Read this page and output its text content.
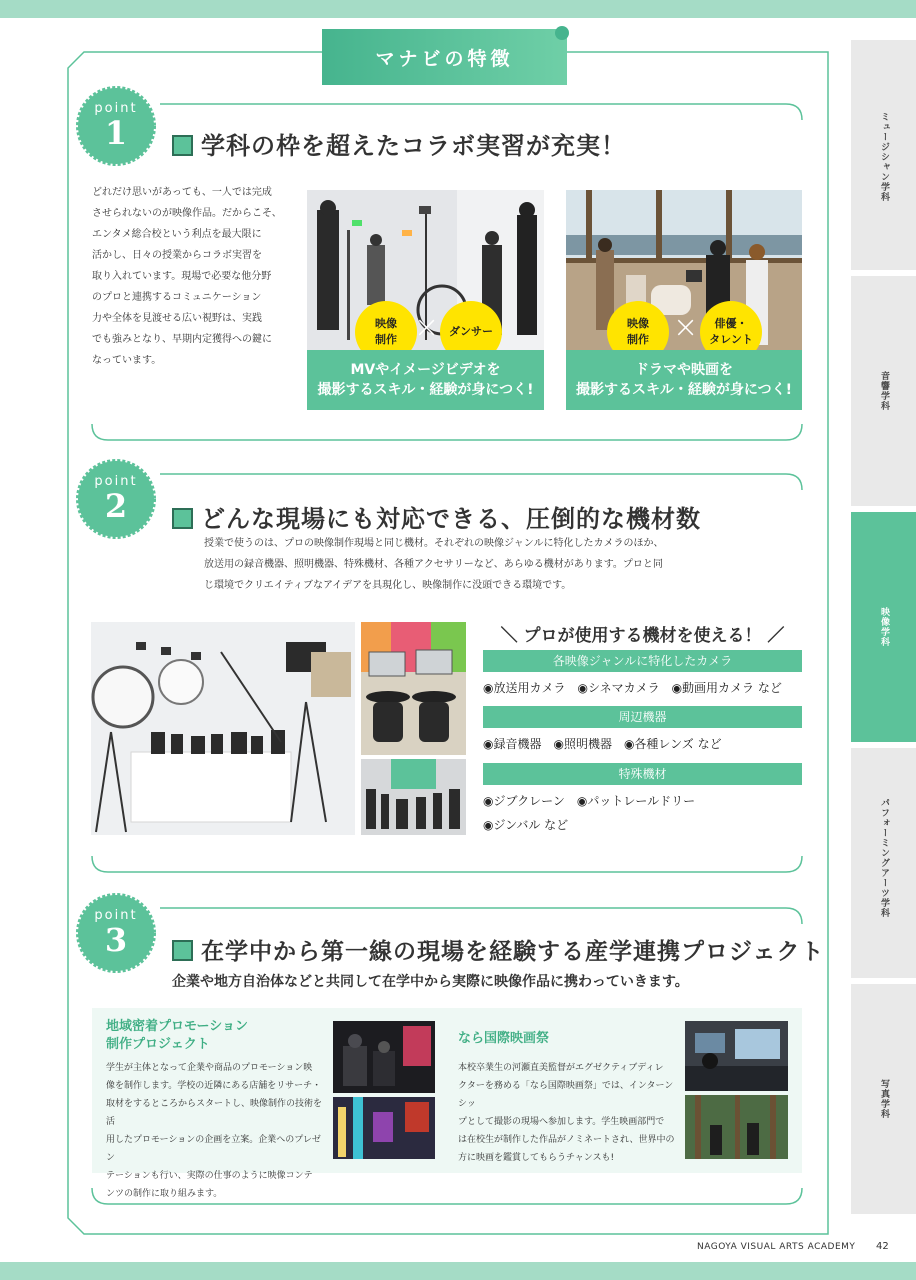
ミュージシャン学科
音響学科
映像学科
パフォーミングアーツ学科
写真学科
マナビの特徴
point
1	学科の枠を超えたコラボ実習が充実！
どれだけ思いがあっても、一人では完成
させられないのが映像作品。だからこそ、
エンタメ総合校という利点を最大限に
活かし、日々の授業からコラボ実習を
取り入れています。現場で必要な他分野
のプロと連携するコミュニケーション
力や全体を見渡せる広い視野は、実践
でも強みとなり、早期内定獲得への鍵に
なっています。
映像
制作 × ダンサー
MVやイメージビデオを
撮影するスキル・経験が身につく!
映像
制作 ×	俳優・
タレント
ドラマや映画を
撮影するスキル・経験が身につく!
point
2	どんな現場にも対応できる、圧倒的な機材数
授業で使うのは、プロの映像制作現場と同じ機材。それぞれの映像ジャンルに特化したカメラのほか、
放送用の録音機器、照明機器、特殊機材、各種アクセサリーなど、あらゆる機材があります。プロと同
じ環境でクリエイティブなアイデアを具現化し、映像制作に没頭できる環境です。
＼ プロが使用する機材を使える！ ／
各映像ジャンルに特化したカメラ
◉放送用カメラ　◉シネマカメラ　◉動画用カメラ など
周辺機器
◉録音機器　◉照明機器　◉各種レンズ など
特殊機材
◉ジブクレーン　◉パットレールドリー
◉ジンバル など
point
3	在学中から第一線の現場を経験する産学連携プロジェクト
企業や地方自治体などと共同して在学中から実際に映像作品に携わっていきます。
地域密着プロモーション
制作プロジェクト
学生が主体となって企業や商品のプロモーション映
像を制作します。学校の近隣にある店舗をリサーチ・
取材をするところからスタートし、映像制作の技術を活
用したプロモーションの企画を立案。企業へのプレゼン
テーションも行い、実際の仕事のように映像コンテ
ンツの制作に取り組みます。
なら国際映画祭
本校卒業生の河瀬直美監督がエグゼクティブディレ
クターを務める「なら国際映画祭」では、インターンシッ
プとして撮影の現場へ参加します。学生映画部門で
は在校生が制作した作品がノミネートされ、世界中の
方に映画を鑑賞してもらうチャンスも!
NAGOYA VISUAL ARTS ACADEMY 42
